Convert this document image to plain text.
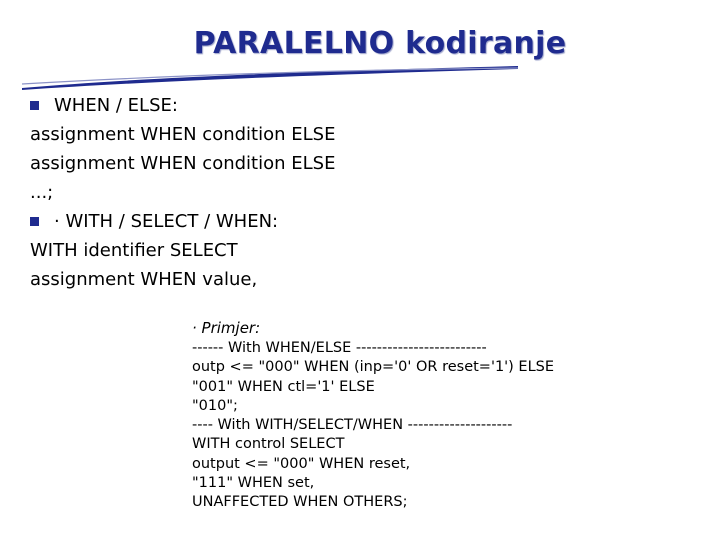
PARALELNO kodiranje
WHEN / ELSE:
assignment WHEN condition ELSE
assignment WHEN condition ELSE
...;
· WITH / SELECT / WHEN:
WITH identifier SELECT
assignment WHEN value,
· Primjer:
------ With WHEN/ELSE -------------------------
outp <= "000" WHEN (inp='0' OR reset='1') ELSE
"001" WHEN ctl='1' ELSE
"010";
---- With WITH/SELECT/WHEN --------------------
WITH control SELECT
output <= "000" WHEN reset,
"111" WHEN set,
UNAFFECTED WHEN OTHERS;
